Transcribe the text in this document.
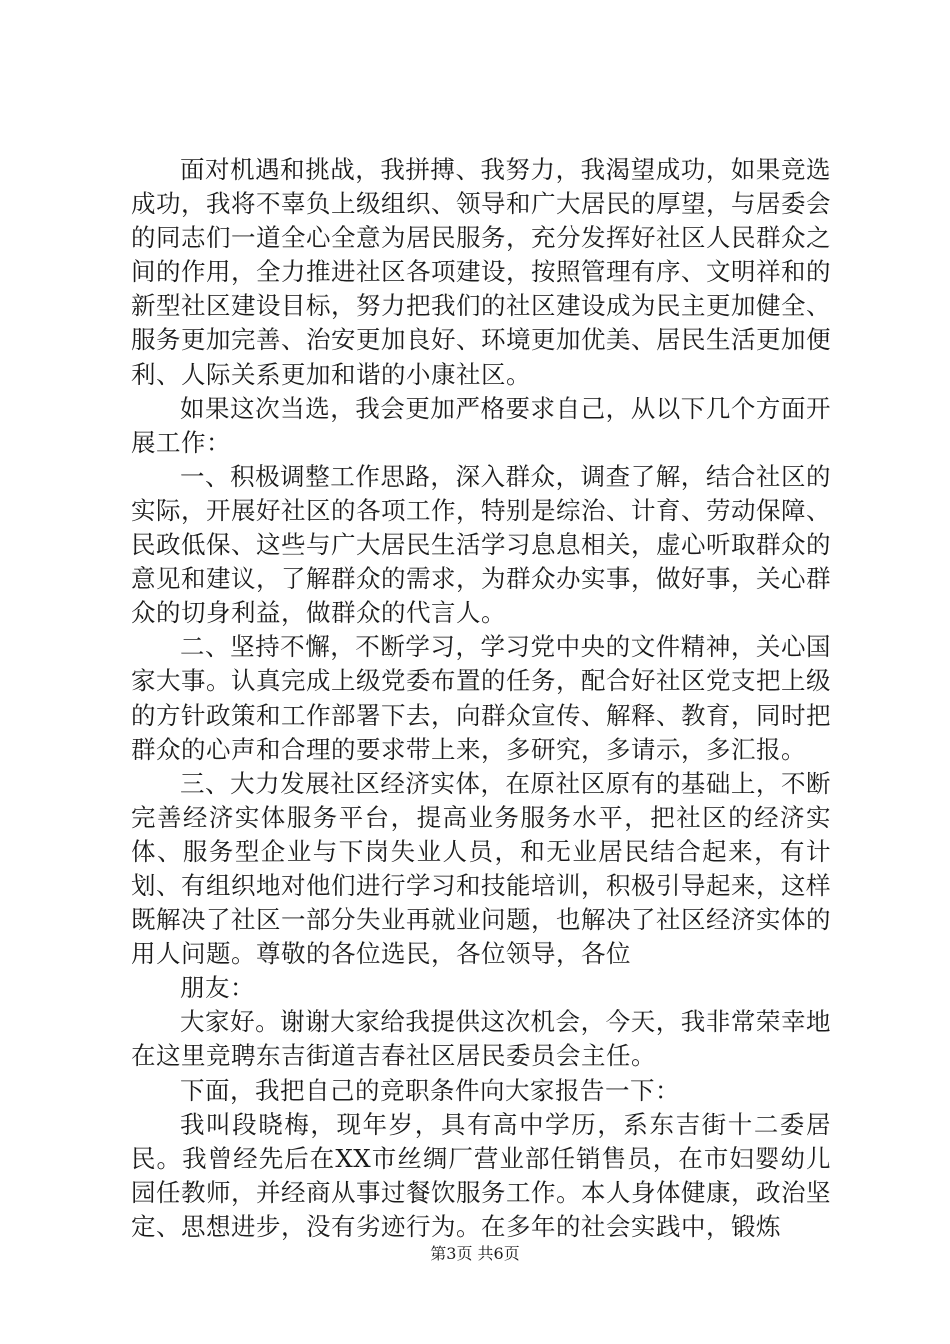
面对机遇和挑战，我拼搏、我努力，我渴望成功，如果竞选成功，我将不辜负上级组织、领导和广大居民的厚望，与居委会的同志们一道全心全意为居民服务，充分发挥好社区人民群众之间的作用，全力推进社区各项建设，按照管理有序、文明祥和的新型社区建设目标，努力把我们的社区建设成为民主更加健全、服务更加完善、治安更加良好、环境更加优美、居民生活更加便利、人际关系更加和谐的小康社区。

如果这次当选，我会更加严格要求自己，从以下几个方面开展工作：

一、积极调整工作思路，深入群众，调查了解，结合社区的实际，开展好社区的各项工作，特别是综治、计育、劳动保障、民政低保、这些与广大居民生活学习息息相关，虚心听取群众的意见和建议，了解群众的需求，为群众办实事，做好事，关心群众的切身利益，做群众的代言人。

二、坚持不懈，不断学习，学习党中央的文件精神，关心国家大事。认真完成上级党委布置的任务，配合好社区党支把上级的方针政策和工作部署下去，向群众宣传、解释、教育，同时把群众的心声和合理的要求带上来，多研究，多请示，多汇报。

三、大力发展社区经济实体，在原社区原有的基础上，不断完善经济实体服务平台，提高业务服务水平，把社区的经济实体、服务型企业与下岗失业人员，和无业居民结合起来，有计划、有组织地对他们进行学习和技能培训，积极引导起来，这样既解决了社区一部分失业再就业问题，也解决了社区经济实体的用人问题。尊敬的各位选民，各位领导，各位

朋友：

大家好。谢谢大家给我提供这次机会，今天，我非常荣幸地在这里竞聘东吉街道吉春社区居民委员会主任。

下面，我把自己的竞职条件向大家报告一下：

我叫段晓梅，现年岁，具有高中学历，系东吉街十二委居民。我曾经先后在XX市丝绸厂营业部任销售员，在市妇婴幼儿园任教师，并经商从事过餐饮服务工作。本人身体健康，政治坚定、思想进步，没有劣迹行为。在多年的社会实践中，锻炼

第3页 共6页
